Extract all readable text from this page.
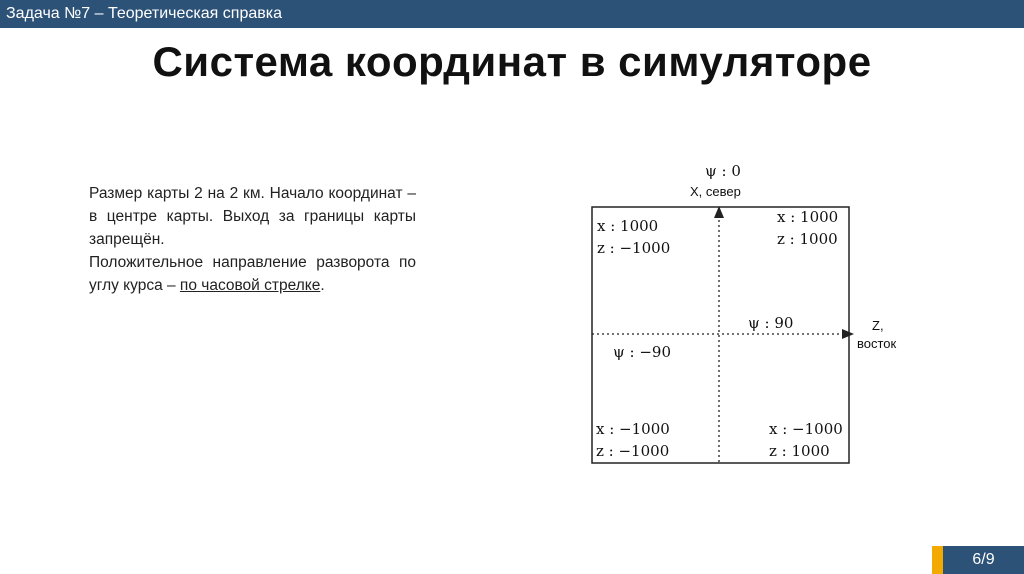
Задача №7 – Теоретическая справка
Система координат в симуляторе

Размер карты 2 на 2 км. Начало координат – в центре карты. Выход за границы карты запрещён.

Положительное направление разворота по углу курса – по часовой стрелке.

ψ : 0
X, север
Z,
восток
ψ : 90
ψ : −90
x : 1000
z : −1000
x : 1000
z : 1000
x : −1000
z : −1000
x : −1000
z : 1000
6/9
